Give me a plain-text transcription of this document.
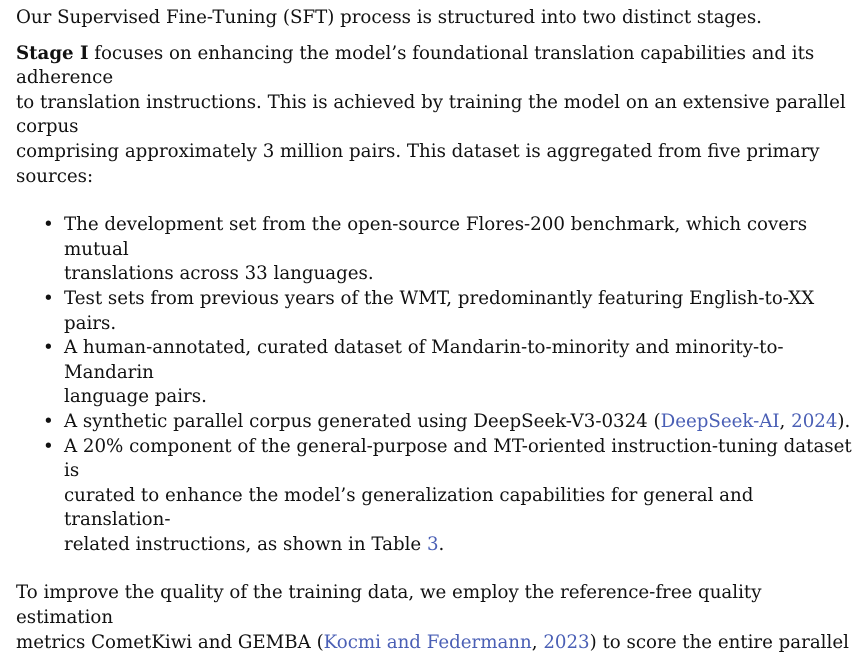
Our Supervised Fine-Tuning (SFT) process is structured into two distinct stages.

Stage I focuses on enhancing the model’s foundational translation capabilities and its adherence
to translation instructions. This is achieved by training the model on an extensive parallel corpus
comprising approximately 3 million pairs. This dataset is aggregated from five primary sources:

• The development set from the open-source Flores-200 benchmark, which covers mutual
translations across 33 languages.
• Test sets from previous years of the WMT, predominantly featuring English-to-XX pairs.
• A human-annotated, curated dataset of Mandarin-to-minority and minority-to-Mandarin
language pairs.
• A synthetic parallel corpus generated using DeepSeek-V3-0324 (DeepSeek-AI, 2024).
• A 20% component of the general-purpose and MT-oriented instruction-tuning dataset is
curated to enhance the model’s generalization capabilities for general and translation-
related instructions, as shown in Table 3.

To improve the quality of the training data, we employ the reference-free quality estimation
metrics CometKiwi and GEMBA (Kocmi and Federmann, 2023) to score the entire parallel
